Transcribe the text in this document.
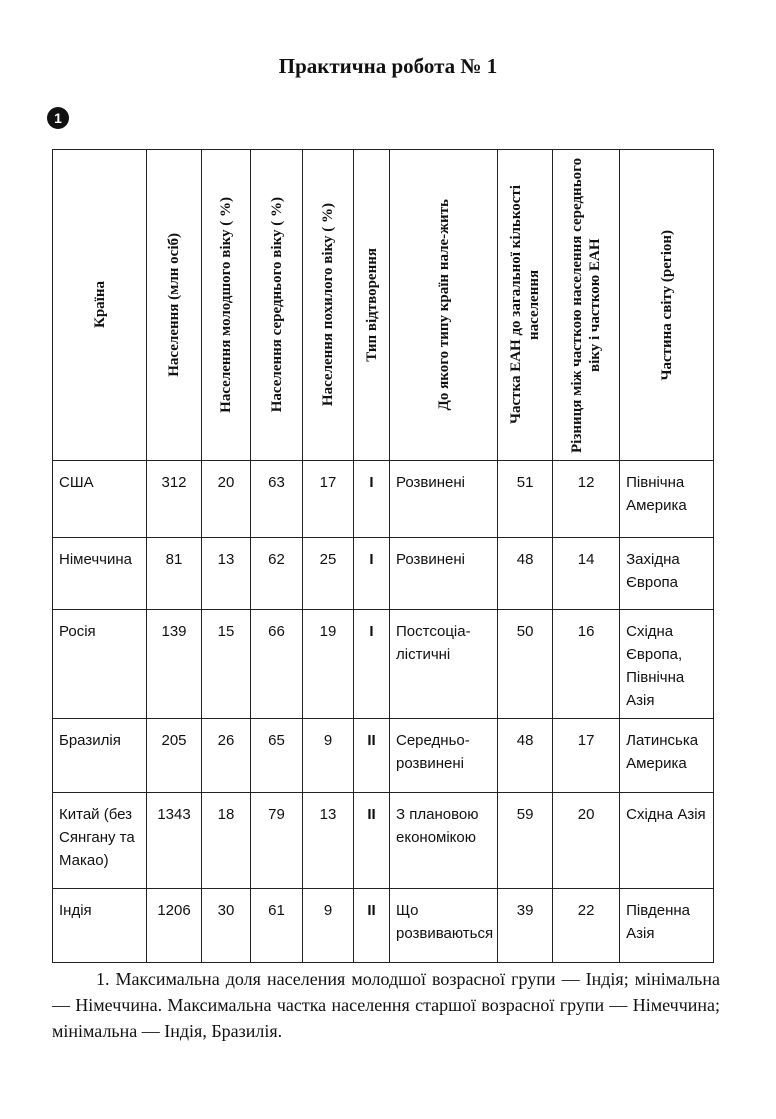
Практична робота № 1
1
Країна	Населення (млн осіб)	Населення молодшого віку ( %)	Населення середнього віку ( %)	Населення похилого віку ( %)	Тип відтворення	До якого типу країн нале-жить	Частка ЕАН до загальної кількості населення	Різниця між часткою населення середнього віку і часткою ЕАН	Частина світу (регіон)

США	312	20	63	17	I	Розвинені	51	12	Північна Америка
Німеччина	81	13	62	25	I	Розвинені	48	14	Західна Європа
Росія	139	15	66	19	I	Постсоціа-лістичні	50	16	Східна Європа, Північна Азія
Бразилія	205	26	65	9	II	Середньо-розвинені	48	17	Латинська Америка
Китай (без Сянгану та Макао)	1343	18	79	13	II	З плановою економікою	59	20	Східна Азія
Індія	1206	30	61	9	II	Що розвиваються	39	22	Південна Азія
1. Максимальна доля населения молодшої возрасної групи — Індія; мінімальна — Німеччина. Максимальна частка населення старшої возрасної групи — Німеччина; мінімальна — Індія, Бразилія.
